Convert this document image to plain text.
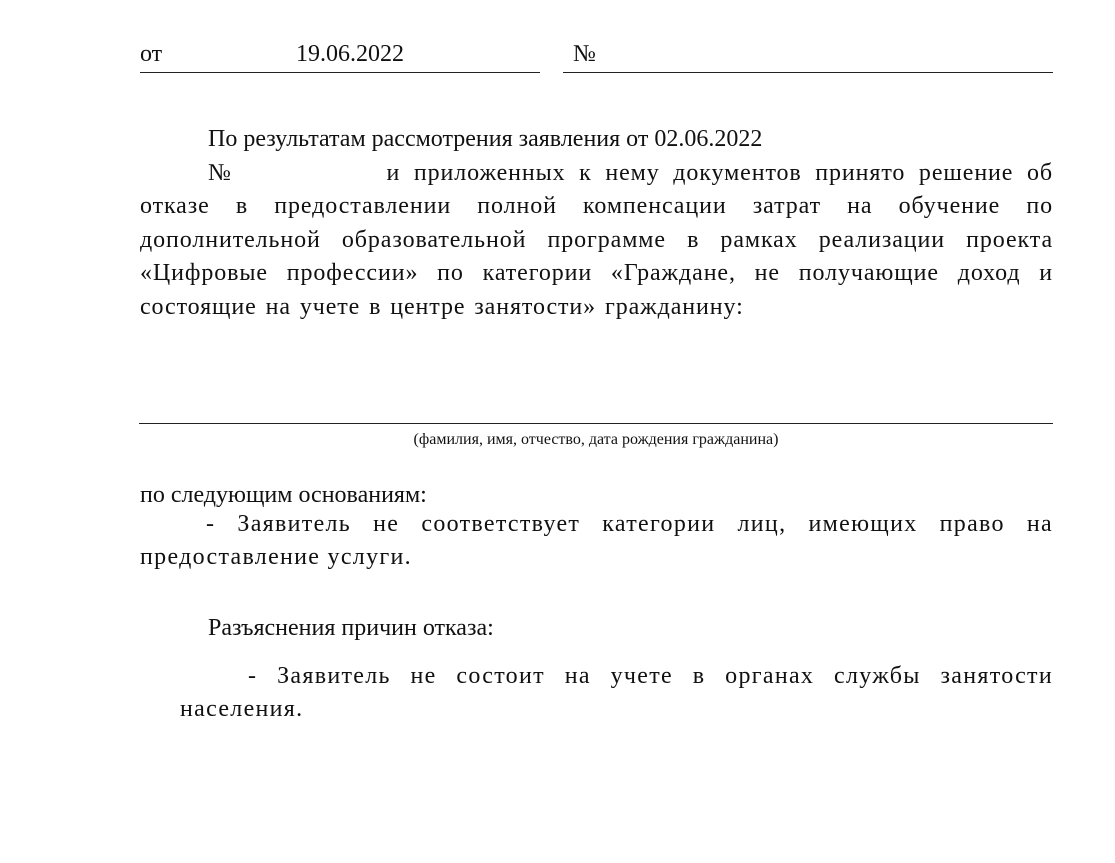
от	19.06.2022	№
По результатам рассмотрения заявления от 02.06.2022
№	и приложенных к нему документов принято решение об
отказе в предоставлении полной компенсации затрат на обучение по
дополнительной образовательной программе в рамках реализации проекта
«Цифровые профессии» по категории «Граждане, не получающие доход и
состоящие на учете в центре занятости» гражданину:
(фамилия, имя, отчество, дата рождения гражданина)
по следующим основаниям:
- Заявитель не соответствует категории лиц, имеющих право на
предоставление услуги.
Разъяснения причин отказа:
- Заявитель не состоит на учете в органах службы занятости
населения.
